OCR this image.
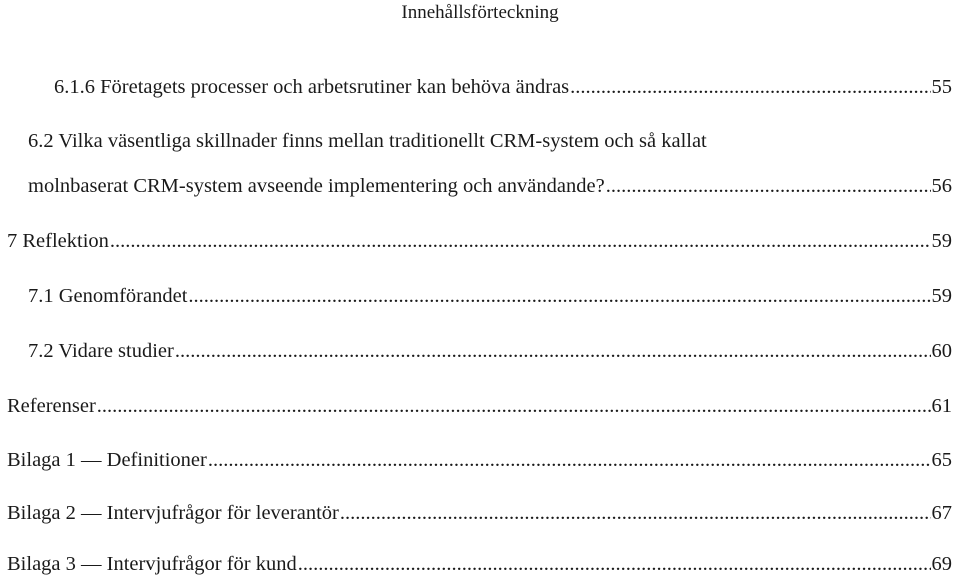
Innehållsförteckning
6.1.6 Företagets processer och arbetsrutiner kan behöva ändras .....	55
6.2 Vilka väsentliga skillnader finns mellan traditionellt CRM-system och så kallat
molnbaserat CRM-system avseende implementering och användande? .....	56
7 Reflektion .....	59
7.1 Genomförandet .....	59
7.2 Vidare studier .....	60
Referenser .....	61
Bilaga 1 — Definitioner .....	65
Bilaga 2 — Intervjufrågor för leverantör .....	67
Bilaga 3 — Intervjufrågor för kund .....	69
